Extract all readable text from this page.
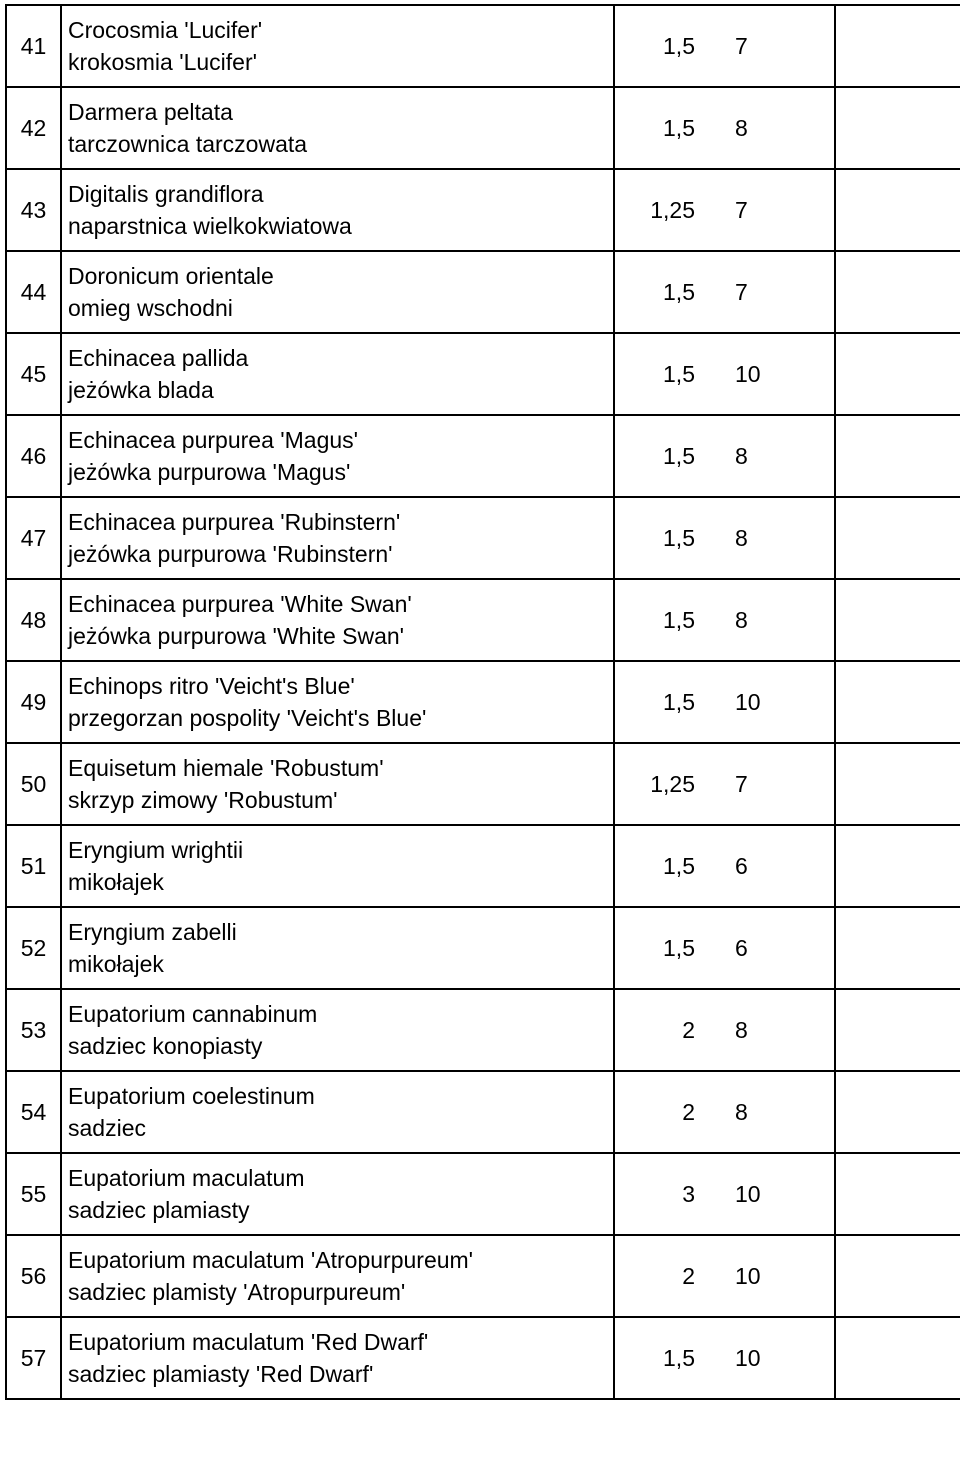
41	Crocosmia 'Lucifer'
krokosmia 'Lucifer'	1,5	7	
42	Darmera peltata
tarczownica tarczowata	1,5	8	
43	Digitalis grandiflora
naparstnica wielkokwiatowa	1,25	7	
44	Doronicum orientale
omieg wschodni	1,5	7	
45	Echinacea pallida
jeżówka blada	1,5	10	
46	Echinacea purpurea 'Magus'
jeżówka purpurowa 'Magus'	1,5	8	
47	Echinacea purpurea 'Rubinstern'
jeżówka purpurowa 'Rubinstern'	1,5	8	
48	Echinacea purpurea 'White Swan'
jeżówka purpurowa 'White Swan'	1,5	8	
49	Echinops ritro 'Veicht's Blue'
przegorzan pospolity 'Veicht's Blue'	1,5	10	
50	Equisetum hiemale 'Robustum'
skrzyp zimowy 'Robustum'	1,25	7	
51	Eryngium wrightii
mikołajek	1,5	6	
52	Eryngium zabelli
mikołajek	1,5	6	
53	Eupatorium cannabinum
sadziec konopiasty	2	8	
54	Eupatorium coelestinum
sadziec	2	8	
55	Eupatorium maculatum
sadziec plamiasty	3	10	
56	Eupatorium maculatum 'Atropurpureum'
sadziec plamisty 'Atropurpureum'	2	10	
57	Eupatorium maculatum 'Red Dwarf'
sadziec plamiasty 'Red Dwarf'	1,5	10	
